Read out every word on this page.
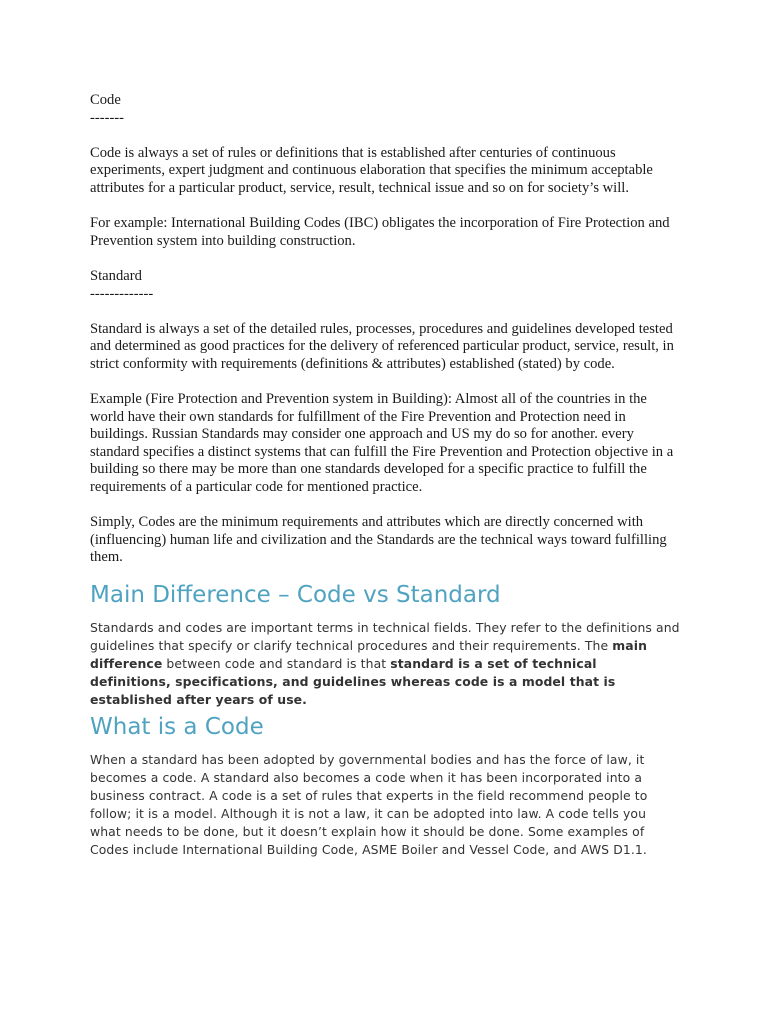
Code

-------

Code is always a set of rules or definitions that is established after centuries of continuous experiments, expert judgment and continuous elaboration that specifies the minimum acceptable attributes for a particular product, service, result, technical issue and so on for society’s will.

For example: International Building Codes (IBC) obligates the incorporation of Fire Protection and Prevention system into building construction.

Standard

-------------

Standard is always a set of the detailed rules, processes, procedures and guidelines developed tested and determined as good practices for the delivery of referenced particular product, service, result, in strict conformity with requirements (definitions & attributes) established (stated) by code.

Example (Fire Protection and Prevention system in Building): Almost all of the countries in the world have their own standards for fulfillment of the Fire Prevention and Protection need in buildings. Russian Standards may consider one approach and US my do so for another. every standard specifies a distinct systems that can fulfill the Fire Prevention and Protection objective in a building so there may be more than one standards developed for a specific practice to fulfill the requirements of a particular code for mentioned practice.

Simply, Codes are the minimum requirements and attributes which are directly concerned with (influencing) human life and civilization and the Standards are the technical ways toward fulfilling them.

Main Difference – Code vs Standard

Standards and codes are important terms in technical fields. They refer to the definitions and guidelines that specify or clarify technical procedures and their requirements. The main difference between code and standard is that standard is a set of technical definitions, specifications, and guidelines whereas code is a model that is established after years of use.

What is a Code

When a standard has been adopted by governmental bodies and has the force of law, it becomes a code. A standard also becomes a code when it has been incorporated into a business contract. A code is a set of rules that experts in the field recommend people to follow; it is a model. Although it is not a law, it can be adopted into law. A code tells you what needs to be done, but it doesn’t explain how it should be done. Some examples of Codes include International Building Code, ASME Boiler and Vessel Code, and AWS D1.1.
